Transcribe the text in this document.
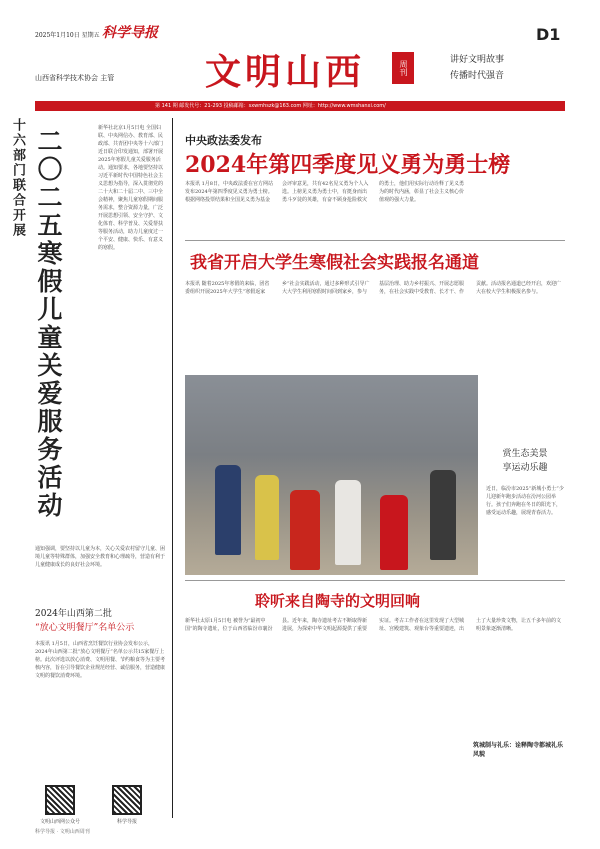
2025年1月10日 星期五 科学导报	D1
文明山西	周刊	讲好文明故事
传播时代强音
山西省科学技术协会 主管
第 141 期 邮发代号：21-293 投稿邮箱：sxwmhszk@163.com 网址：http://www.wmshanxi.com/
十六部门联合开展 二〇二五寒假儿童关爱服务活动	新华社北京1月5日电 全国妇联、中央网信办、教育部、民政部、共青团中央等十六部门近日联合印发通知，部署开展2025年寒假儿童关爱服务活动。通知要求，各地要坚持以习近平新时代中国特色社会主义思想为指导，深入贯彻党的二十大和二十届二中、三中全会精神，聚焦儿童寒假期间服务需求，整合资源力量，广泛开展思想引领、安全守护、文化体育、科学普及、关爱帮扶等服务活动，助力儿童度过一个平安、健康、快乐、有意义的寒假。
通知强调，要坚持以儿童为本，关心关爱农村留守儿童、困境儿童等特殊群体，加强安全教育和心理疏导，营造有利于儿童健康成长的良好社会环境。
2024年山西第二批
“放心文明餐厅”名单公示
本报讯 1月5日，山西省烹饪餐饮行业协会发布公示，2024年山西第二批“放心文明餐厅”名单公示共15家餐厅上榜。此次评选以放心消费、文明用餐、节约粮食等为主要考核内容，旨在引导餐饮企业规范经营、诚信服务，营造健康文明的餐饮消费环境。
文明山西网公众号	科学导报
中央政法委发布
2024年第四季度见义勇为勇士榜
本报讯 1月8日，中央政法委在官方网站发布2024年第四季度见义勇为勇士榜。根据网络投票结果和全国见义勇为基金会评审意见，共有42名见义勇为个人入选。上榜见义勇为勇士中，有挺身而出勇斗歹徒的英雄，有奋不顾身抢险救灾的勇士，他们用实际行动诠释了见义勇为的时代内涵，彰显了社会主义核心价值观的强大力量。
我省开启大学生寒假社会实践报名通道
本报讯 随着2025年寒假的来临，团省委组织开展2025年大学生“寒假返家乡”社会实践活动，通过多种形式引导广大大学生利用寒假时间回到家乡，参与基层治理、助力乡村振兴、开展志愿服务，在社会实践中受教育、长才干、作贡献。活动报名通道已经开启，欢迎广大在校大学生积极报名参与。
赏生态美景
享运动乐趣
近日，临汾市2025“新城小勇士”少儿迎新年跑步活动在汾河公园举行。孩子们奔跑在冬日的阳光下，感受运动乐趣，展现青春活力。
聆听来自陶寺的文明回响
新华社太原1月5日电 被誉为“最初中国”的陶寺遗址，位于山西省临汾市襄汾县。近年来，陶寺遗址考古不断取得新进展，为探索中华文明起源提供了重要实证。考古工作者在这里发现了大型城址、宫殿建筑、观象台等重要遗迹，出土了大量珍贵文物，让五千多年前的文明景象逐渐清晰。
筑城制与礼乐：诠释陶寺都城礼乐风貌
科学导报 · 文明山西周刊
